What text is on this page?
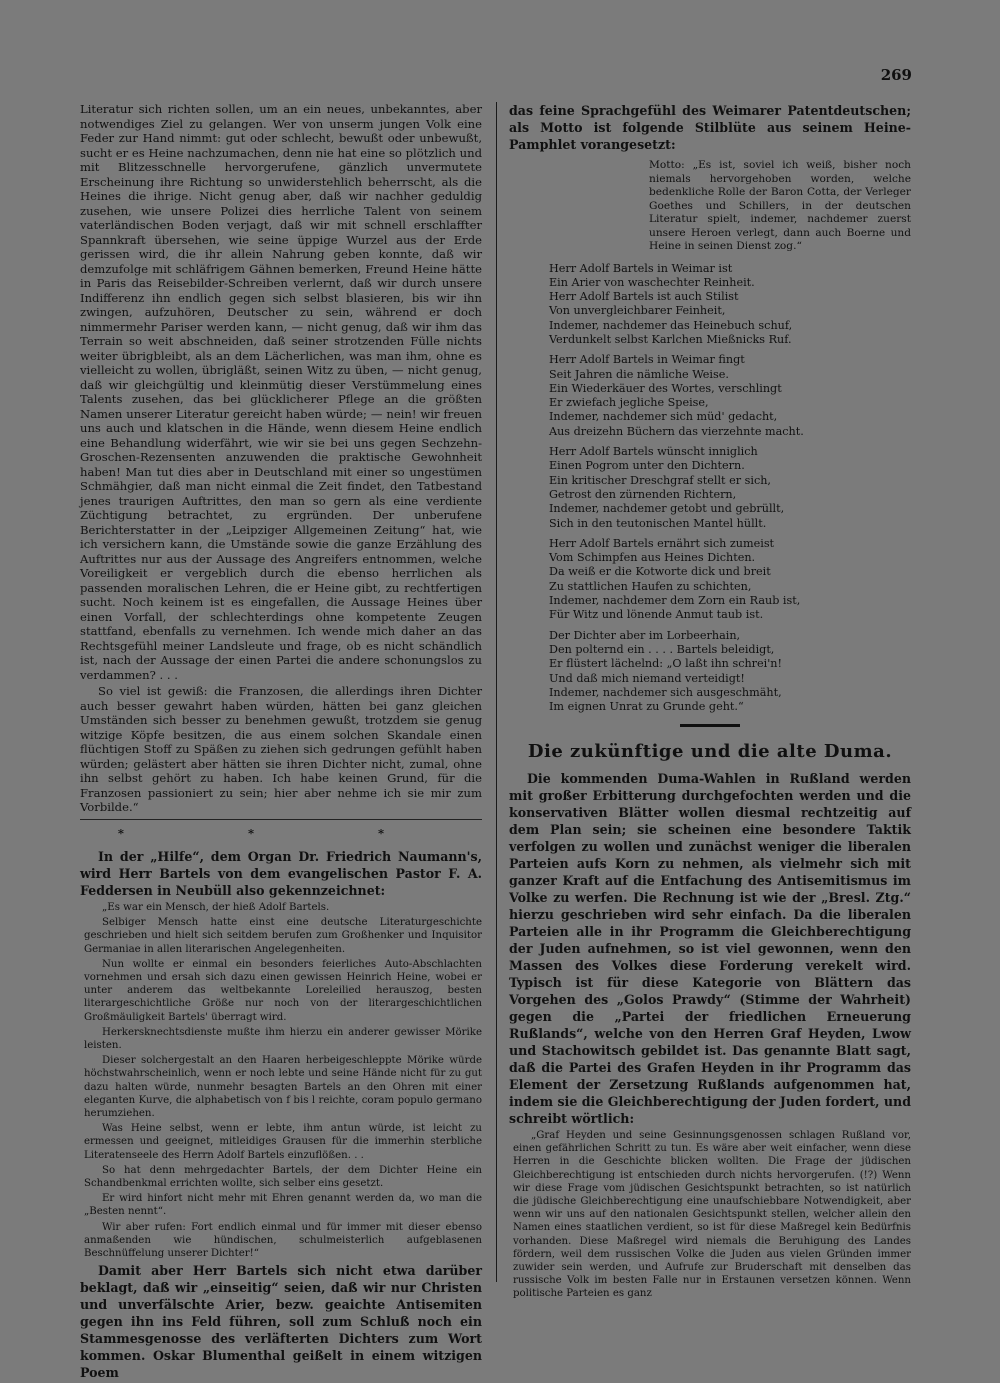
269

Literatur sich richten sollen, um an ein neues, unbekanntes, aber notwendiges Ziel zu gelangen. Wer von unserm jungen Volk eine Feder zur Hand nimmt: gut oder schlecht, bewußt oder unbewußt, sucht er es Heine nachzumachen, denn nie hat eine so plötzlich und mit Blitzesschnelle hervorgerufene, gänzlich unvermutete Erscheinung ihre Richtung so unwiderstehlich beherrscht, als die Heines die ihrige. Nicht genug aber, daß wir nachher geduldig zusehen, wie unsere Polizei dies herrliche Talent von seinem vaterländischen Boden verjagt, daß wir mit schnell erschlaffter Spannkraft übersehen, wie seine üppige Wurzel aus der Erde gerissen wird, die ihr allein Nahrung geben konnte, daß wir demzufolge mit schläfrigem Gähnen bemerken, Freund Heine hätte in Paris das Reisebilder-Schreiben verlernt, daß wir durch unsere Indifferenz ihn endlich gegen sich selbst blasieren, bis wir ihn zwingen, aufzuhören, Deutscher zu sein, während er doch nimmermehr Pariser werden kann, — nicht genug, daß wir ihm das Terrain so weit abschneiden, daß seiner strotzenden Fülle nichts weiter übrigbleibt, als an dem Lächerlichen, was man ihm, ohne es vielleicht zu wollen, übrigläßt, seinen Witz zu üben, — nicht genug, daß wir gleichgültig und kleinmütig dieser Verstümmelung eines Talents zusehen, das bei glücklicherer Pflege an die größten Namen unserer Literatur gereicht haben würde; — nein! wir freuen uns auch und klatschen in die Hände, wenn diesem Heine endlich eine Behandlung widerfährt, wie wir sie bei uns gegen Sechzehn-Groschen-Rezensenten anzuwenden die praktische Gewohnheit haben! Man tut dies aber in Deutschland mit einer so ungestümen Schmähgier, daß man nicht einmal die Zeit findet, den Tatbestand jenes traurigen Auftrittes, den man so gern als eine verdiente Züchtigung betrachtet, zu ergründen. Der unberufene Berichterstatter in der „Leipziger Allgemeinen Zeitung“ hat, wie ich versichern kann, die Umstände sowie die ganze Erzählung des Auftrittes nur aus der Aussage des Angreifers entnommen, welche Voreiligkeit er vergeblich durch die ebenso herrlichen als passenden moralischen Lehren, die er Heine gibt, zu rechtfertigen sucht. Noch keinem ist es eingefallen, die Aussage Heines über einen Vorfall, der schlechterdings ohne kompetente Zeugen stattfand, ebenfalls zu vernehmen. Ich wende mich daher an das Rechtsgefühl meiner Landsleute und frage, ob es nicht schändlich ist, nach der Aussage der einen Partei die andere schonungslos zu verdammen? . . .

So viel ist gewiß: die Franzosen, die allerdings ihren Dichter auch besser gewahrt haben würden, hätten bei ganz gleichen Umständen sich besser zu benehmen gewußt, trotzdem sie genug witzige Köpfe besitzen, die aus einem solchen Skandale einen flüchtigen Stoff zu Späßen zu ziehen sich gedrungen gefühlt haben würden; gelästert aber hätten sie ihren Dichter nicht, zumal, ohne ihn selbst gehört zu haben. Ich habe keinen Grund, für die Franzosen passioniert zu sein; hier aber nehme ich sie mir zum Vorbilde.“

* * *

In der „Hilfe“, dem Organ Dr. Friedrich Naumann's, wird Herr Bartels von dem evangelischen Pastor F. A. Feddersen in Neubüll also gekennzeichnet:

„Es war ein Mensch, der hieß Adolf Bartels.

Selbiger Mensch hatte einst eine deutsche Literaturgeschichte geschrieben und hielt sich seitdem berufen zum Großhenker und Inquisitor Germaniae in allen literarischen Angelegenheiten.

Nun wollte er einmal ein besonders feierliches Auto-Abschlachten vornehmen und ersah sich dazu einen gewissen Heinrich Heine, wobei er unter anderem das weltbekannte Loreleilied herauszog, besten literargeschichtliche Größe nur noch von der literargeschichtlichen Großmäuligkeit Bartels' überragt wird.

Herkersknechtsdienste mußte ihm hierzu ein anderer gewisser Mörike leisten.

Dieser solchergestalt an den Haaren herbeigeschleppte Mörike würde höchstwahrscheinlich, wenn er noch lebte und seine Hände nicht für zu gut dazu halten würde, nunmehr besagten Bartels an den Ohren mit einer eleganten Kurve, die alphabetisch von f bis l reichte, coram populo germano herumziehen.

Was Heine selbst, wenn er lebte, ihm antun würde, ist leicht zu ermessen und geeignet, mitleidiges Grausen für die immerhin sterbliche Literatenseele des Herrn Adolf Bartels einzuflößen. . .

So hat denn mehrgedachter Bartels, der dem Dichter Heine ein Schandbenkmal errichten wollte, sich selber eins gesetzt.

Er wird hinfort nicht mehr mit Ehren genannt werden da, wo man die „Besten nennt“.

Wir aber rufen: Fort endlich einmal und für immer mit dieser ebenso anmaßenden wie hündischen, schulmeisterlich aufgeblasenen Beschnüffelung unserer Dichter!“

Damit aber Herr Bartels sich nicht etwa darüber beklagt, daß wir „einseitig“ seien, daß wir nur Christen und unverfälschte Arier, bezw. geaichte Antisemiten gegen ihn ins Feld führen, soll zum Schluß noch ein Stammesgenosse des verläfterten Dichters zum Wort kommen. Oskar Blumenthal geißelt in einem witzigen Poem

das feine Sprachgefühl des Weimarer Patentdeutschen; als Motto ist folgende Stilblüte aus seinem Heine-Pamphlet vorangesetzt:

Motto: „Es ist, soviel ich weiß, bisher noch niemals hervorgehoben worden, welche bedenkliche Rolle der Baron Cotta, der Verleger Goethes und Schillers, in der deutschen Literatur spielt, indemer, nachdemer zuerst unsere Heroen verlegt, dann auch Boerne und Heine in seinen Dienst zog.“
Herr Adolf Bartels in Weimar ist
Ein Arier von waschechter Reinheit.
Herr Adolf Bartels ist auch Stilist
Von unvergleichbarer Feinheit,
Indemer, nachdemer das Heinebuch schuf,
Verdunkelt selbst Karlchen Mießnicks Ruf.
Herr Adolf Bartels in Weimar fingt
Seit Jahren die nämliche Weise.
Ein Wiederkäuer des Wortes, verschlingt
Er zwiefach jegliche Speise,
Indemer, nachdemer sich müd' gedacht,
Aus dreizehn Büchern das vierzehnte macht.
Herr Adolf Bartels wünscht inniglich
Einen Pogrom unter den Dichtern.
Ein kritischer Dreschgraf stellt er sich,
Getrost den zürnenden Richtern,
Indemer, nachdemer getobt und gebrüllt,
Sich in den teutonischen Mantel hüllt.
Herr Adolf Bartels ernährt sich zumeist
Vom Schimpfen aus Heines Dichten.
Da weiß er die Kotworte dick und breit
Zu stattlichen Haufen zu schichten,
Indemer, nachdemer dem Zorn ein Raub ist,
Für Witz und lönende Anmut taub ist.
Der Dichter aber im Lorbeerhain,
Den polternd ein . . . . Bartels beleidigt,
Er flüstert lächelnd: „O laßt ihn schrei'n!
Und daß mich niemand verteidigt!
Indemer, nachdemer sich ausgeschmäht,
Im eignen Unrat zu Grunde geht.“
Die zukünftige und die alte Duma.

Die kommenden Duma-Wahlen in Rußland werden mit großer Erbitterung durchgefochten werden und die konservativen Blätter wollen diesmal rechtzeitig auf dem Plan sein; sie scheinen eine besondere Taktik verfolgen zu wollen und zunächst weniger die liberalen Parteien aufs Korn zu nehmen, als vielmehr sich mit ganzer Kraft auf die Entfachung des Antisemitismus im Volke zu werfen. Die Rechnung ist wie der „Bresl. Ztg.“ hierzu geschrieben wird sehr einfach. Da die liberalen Parteien alle in ihr Programm die Gleichberechtigung der Juden aufnehmen, so ist viel gewonnen, wenn den Massen des Volkes diese Forderung verekelt wird. Typisch ist für diese Kategorie von Blättern das Vorgehen des „Golos Prawdy“ (Stimme der Wahrheit) gegen die „Partei der friedlichen Erneuerung Rußlands“, welche von den Herren Graf Heyden, Lwow und Stachowitsch gebildet ist. Das genannte Blatt sagt, daß die Partei des Grafen Heyden in ihr Programm das Element der Zersetzung Rußlands aufgenommen hat, indem sie die Gleichberechtigung der Juden fordert, und schreibt wörtlich:

„Graf Heyden und seine Gesinnungsgenossen schlagen Rußland vor, einen gefährlichen Schritt zu tun. Es wäre aber weit einfacher, wenn diese Herren in die Geschichte blicken wollten. Die Frage der jüdischen Gleichberechtigung ist entschieden durch nichts hervorgerufen. (!?) Wenn wir diese Frage vom jüdischen Gesichtspunkt betrachten, so ist natürlich die jüdische Gleichberechtigung eine unaufschiebbare Notwendigkeit, aber wenn wir uns auf den nationalen Gesichtspunkt stellen, welcher allein den Namen eines staatlichen verdient, so ist für diese Maßregel kein Bedürfnis vorhanden. Diese Maßregel wird niemals die Beruhigung des Landes fördern, weil dem russischen Volke die Juden aus vielen Gründen immer zuwider sein werden, und Aufrufe zur Bruderschaft mit denselben das russische Volk im besten Falle nur in Erstaunen versetzen können. Wenn politische Parteien es ganz
